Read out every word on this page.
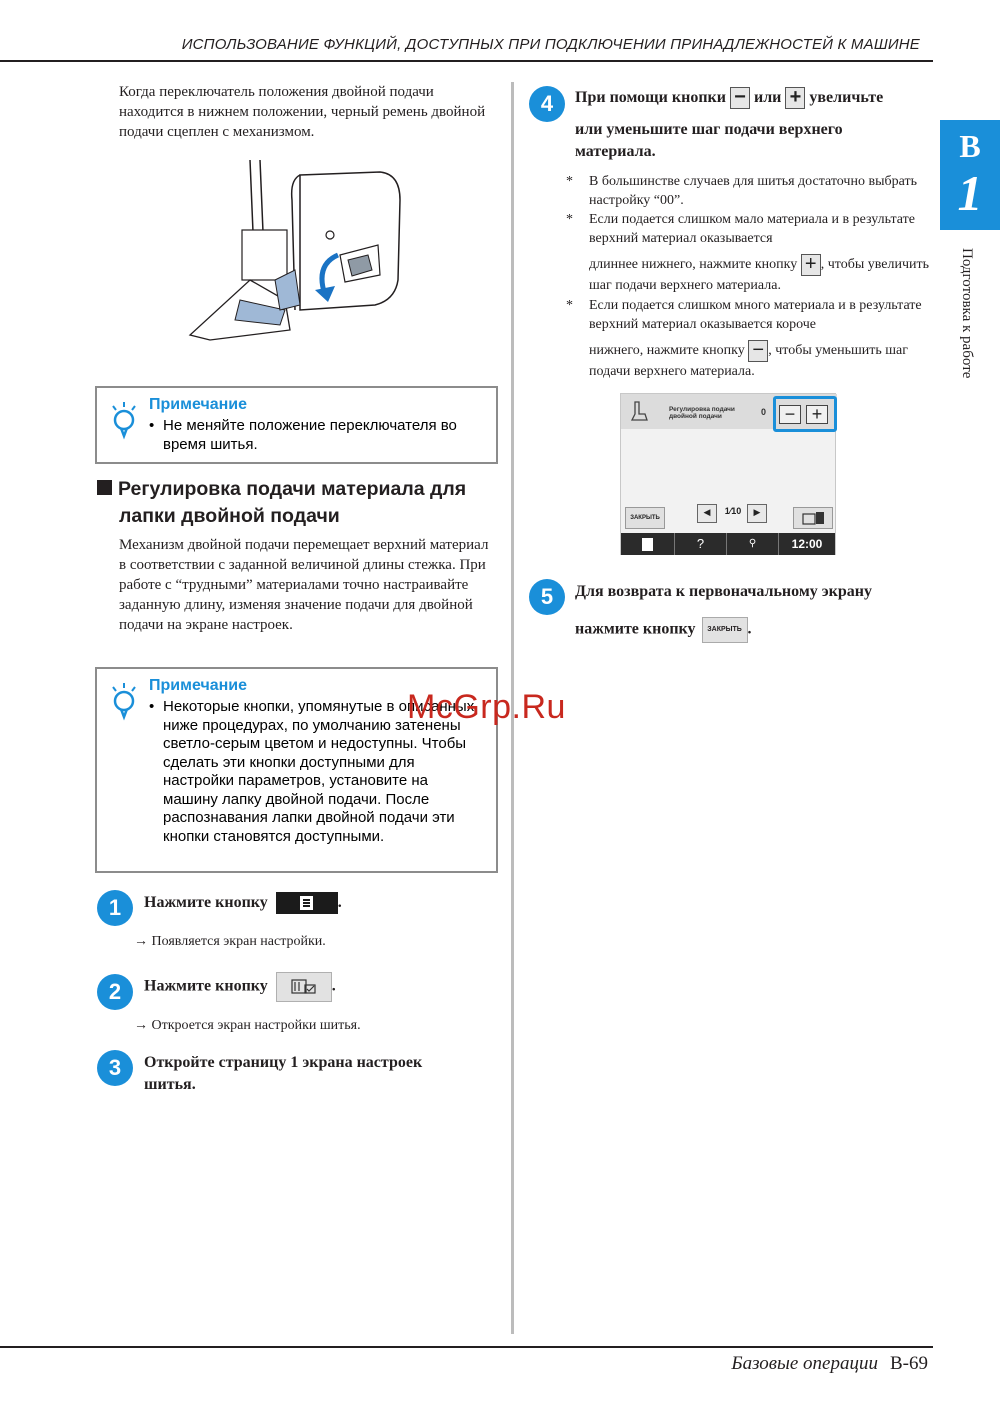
ИСПОЛЬЗОВАНИЕ ФУНКЦИЙ, ДОСТУПНЫХ ПРИ ПОДКЛЮЧЕНИИ ПРИНАДЛЕЖНОСТЕЙ К МАШИНЕ
B
1
Подготовка к работе
Когда переключатель положения двойной подачи находится в нижнем положении, черный ремень двойной подачи сцеплен с механизмом.
Примечание
• Не меняйте положение переключателя во время шитья.
Регулировка подачи материала для
лапки двойной подачи
Механизм двойной подачи перемещает верхний материал в соответствии с заданной величиной длины стежка. При работе с “трудными” материалами точно настраивайте заданную длину, изменяя значение подачи для двойной подачи на экране настроек.
Примечание
• Некоторые кнопки, упомянутые в описанных ниже процедурах, по умолчанию затенены светло-серым цветом и недоступны. Чтобы сделать эти кнопки доступными для настройки параметров, установите на машину лапку двойной подачи. После распознавания лапки двойной подачи эти кнопки становятся доступными.
1	Нажмите кнопку	.
→ Появляется экран настройки.
2	Нажмите кнопку	.
→ Откроется экран настройки шитья.
3	Откройте страницу 1 экрана настроек
шитья.
4	При помощи кнопки − или + увеличьте
или уменьшите шаг подачи верхнего
материала.
* В большинстве случаев для шитья достаточно выбрать настройку “00”.
* Если подается слишком мало материала и в результате верхний материал оказывается
длиннее нижнего, нажмите кнопку + , чтобы увеличить шаг подачи верхнего материала.
* Если подается слишком много материала и в результате верхний материал оказывается короче
нижнего, нажмите кнопку − , чтобы уменьшить шаг подачи верхнего материала.
Регулировка подачи
двойной подачи	0	− +
ЗАКРЫТЬ	◀	1⁄10	▶
?	⚲	12:00
5	Для возврата к первоначальному экрану
нажмите кнопку ЗАКРЫТЬ .
McGrp.Ru
Базовые операции B-69
